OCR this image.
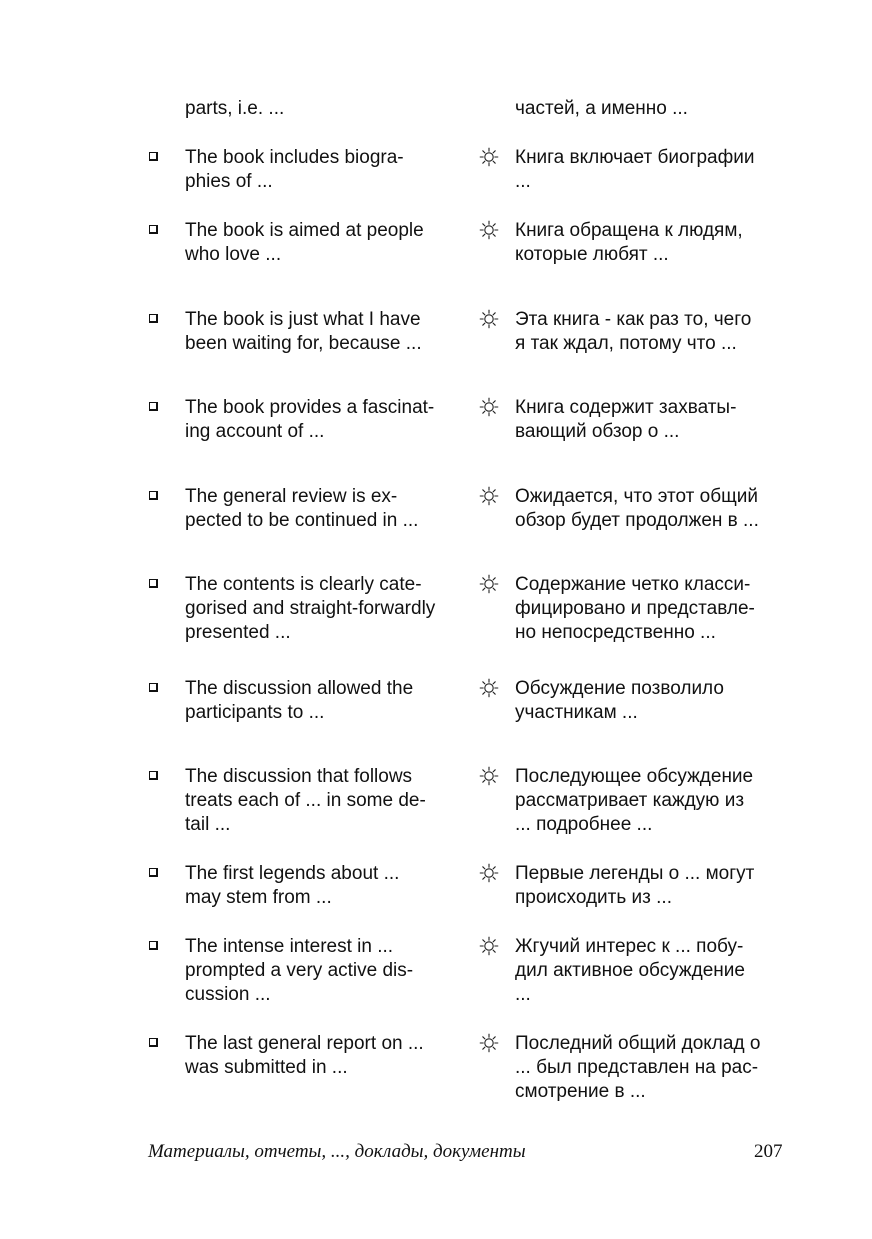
parts, i.e. ...	частей, а именно ...
The book includes biogra-
phies of ...
Книга включает биографии
...
The book is aimed at people
who love ...
Книга обращена к людям,
которые любят ...
The book is just what I have
been waiting for, because ...
Эта книга - как раз то, чего
я так ждал, потому что ...
The book provides a fascinat-
ing account of ...
Книга содержит захваты-
вающий обзор о ...
The general review is ex-
pected to be continued in ...
Ожидается, что этот общий
обзор будет продолжен в ...
The contents is clearly cate-
gorised and straight-forwardly
presented ...
Содержание четко класси-
фицировано и представле-
но непосредственно ...
The discussion allowed the
participants to ...
Обсуждение позволило
участникам ...
The discussion that follows
treats each of ... in some de-
tail ...
Последующее обсуждение
рассматривает каждую из
... подробнее ...
The first legends about ...
may stem from ...
Первые легенды о ... могут
происходить из ...
The intense interest in ...
prompted a very active dis-
cussion ...
Жгучий интерес к ... побу-
дил активное обсуждение
...
The last general report on ...
was submitted in ...
Последний общий доклад о
... был представлен на рас-
смотрение в ...
Материалы, отчеты, ..., доклады, документы	207
